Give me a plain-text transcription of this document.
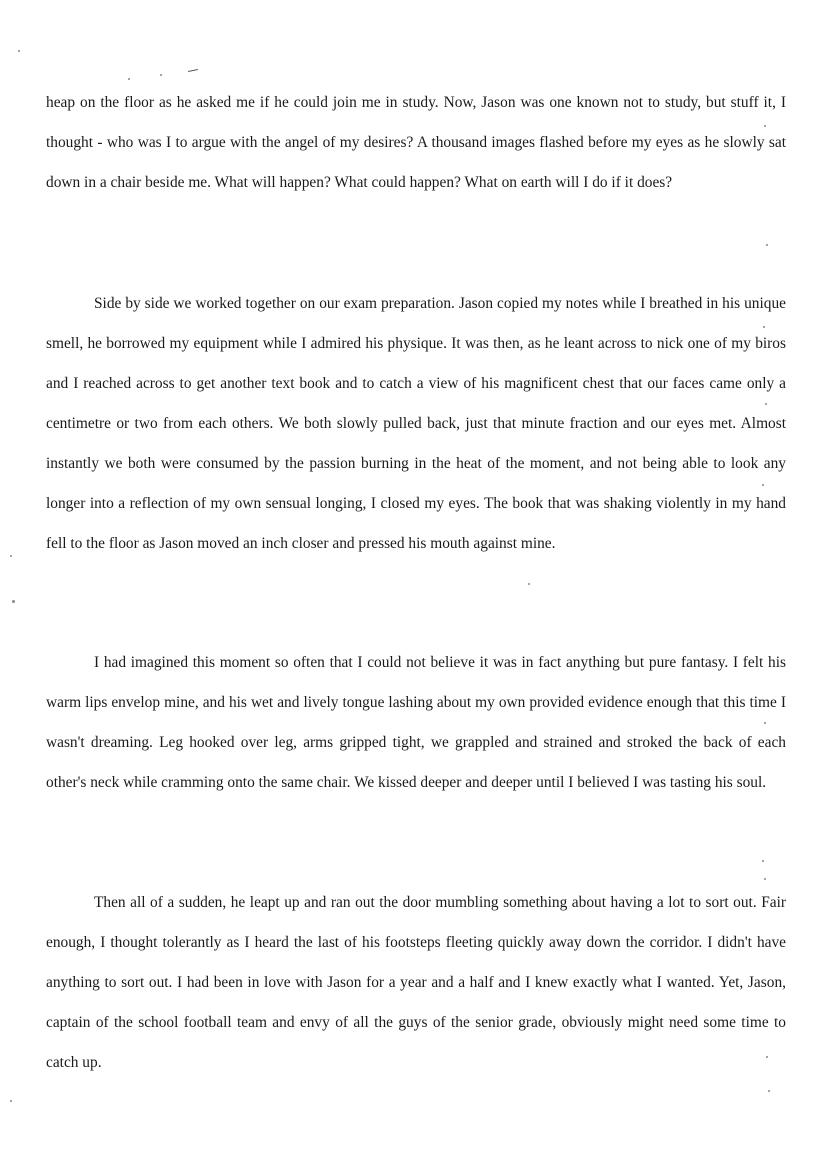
heap on the floor as he asked me if he could join me in study. Now, Jason was one known not to study, but stuff it, I thought - who was I to argue with the angel of my desires? A thousand images flashed before my eyes as he slowly sat down in a chair beside me. What will happen? What could happen? What on earth will I do if it does?

Side by side we worked together on our exam preparation. Jason copied my notes while I breathed in his unique smell, he borrowed my equipment while I admired his physique. It was then, as he leant across to nick one of my biros and I reached across to get another text book and to catch a view of his magnificent chest that our faces came only a centimetre or two from each others. We both slowly pulled back, just that minute fraction and our eyes met. Almost instantly we both were consumed by the passion burning in the heat of the moment, and not being able to look any longer into a reflection of my own sensual longing, I closed my eyes. The book that was shaking violently in my hand fell to the floor as Jason moved an inch closer and pressed his mouth against mine.

I had imagined this moment so often that I could not believe it was in fact anything but pure fantasy. I felt his warm lips envelop mine, and his wet and lively tongue lashing about my own provided evidence enough that this time I wasn't dreaming. Leg hooked over leg, arms gripped tight, we grappled and strained and stroked the back of each other's neck while cramming onto the same chair. We kissed deeper and deeper until I believed I was tasting his soul.

Then all of a sudden, he leapt up and ran out the door mumbling something about having a lot to sort out. Fair enough, I thought tolerantly as I heard the last of his footsteps fleeting quickly away down the corridor. I didn't have anything to sort out. I had been in love with Jason for a year and a half and I knew exactly what I wanted. Yet, Jason, captain of the school football team and envy of all the guys of the senior grade, obviously might need some time to catch up.
